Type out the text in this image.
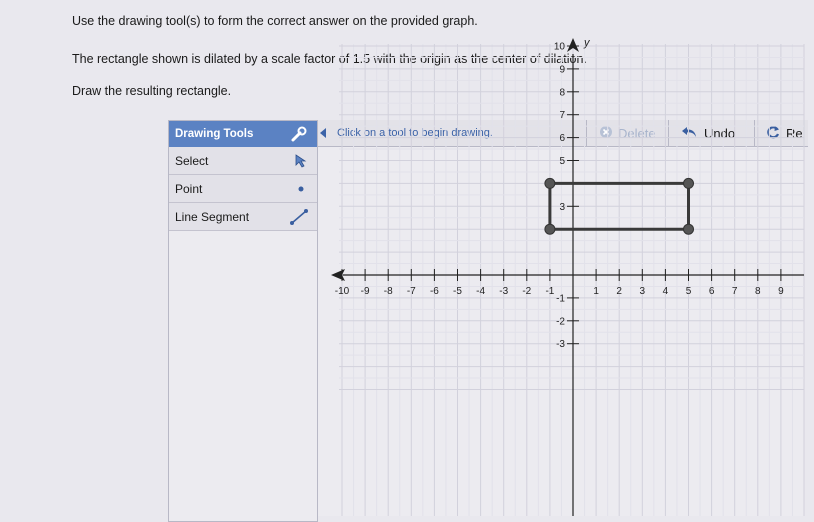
Use the drawing tool(s) to form the correct answer on the provided graph.
The rectangle shown is dilated by a scale factor of 1.5 with the origin as the center of dilation.
Draw the resulting rectangle.
Drawing Tools
Select
Point
Line Segment
Click on a tool to begin drawing.	Delete	Undo	Re
y
-10 -9 -8 -7 -6 -5 -4 -3 -2 -1	1 2 3 4 5 6 7 8 9
10
9
8
7
6
5
3
-1
-2
-3
